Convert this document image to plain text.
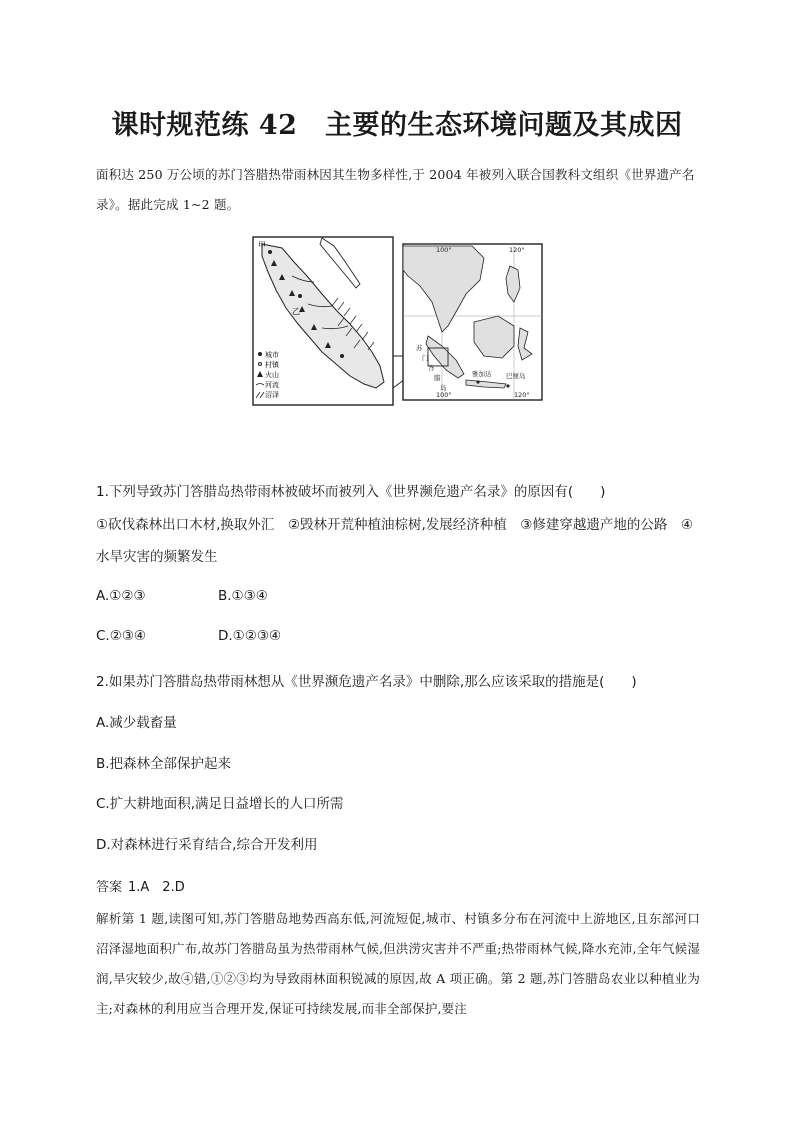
课时规范练 42　主要的生态环境问题及其成因
面积达 250 万公顷的苏门答腊热带雨林因其生物多样性,于 2004 年被列入联合国教科文组织《世界遗产名录》。据此完成 1~2 题。
甲
乙
城市
村镇
火山
河流
沼泽
100°	120°
苏
门
答
腊
岛
雅加达 巴厘岛
100°	120°
1.下列导致苏门答腊岛热带雨林被破坏而被列入《世界濒危遗产名录》的原因有(　　)
①砍伐森林出口木材,换取外汇　②毁林开荒种植油棕树,发展经济种植　③修建穿越遗产地的公路　④水旱灾害的频繁发生
A.①②③	B.①③④
C.②③④	D.①②③④
2.如果苏门答腊岛热带雨林想从《世界濒危遗产名录》中删除,那么应该采取的措施是(　　)
A.减少载畜量
B.把森林全部保护起来
C.扩大耕地面积,满足日益增长的人口所需
D.对森林进行采育结合,综合开发利用
答案 1.A　2.D
解析第 1 题,读图可知,苏门答腊岛地势西高东低,河流短促,城市、村镇多分布在河流中上游地区,且东部河口沼泽湿地面积广布,故苏门答腊岛虽为热带雨林气候,但洪涝灾害并不严重;热带雨林气候,降水充沛,全年气候湿润,旱灾较少,故④错,①②③均为导致雨林面积锐减的原因,故 A 项正确。第 2 题,苏门答腊岛农业以种植业为主;对森林的利用应当合理开发,保证可持续发展,而非全部保护,要注
